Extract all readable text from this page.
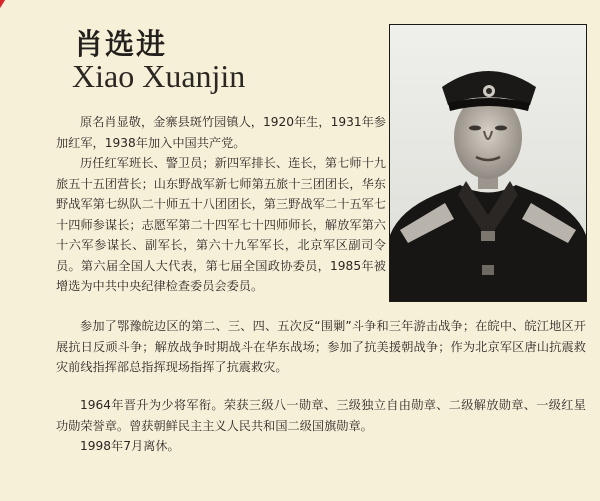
肖选进
Xiao Xuanjin
原名肖显敬，金寨县斑竹园镇人，1920年生，1931年参加红军，1938年加入中国共产党。
历任红军班长、警卫员；新四军排长、连长，第七师十九旅五十五团营长；山东野战军新七师第五旅十三团团长，华东野战军第七纵队二十师五十八团团长，第三野战军二十五军七十四师参谋长；志愿军第二十四军七十四师师长，解放军第六十六军参谋长、副军长，第六十九军军长，北京军区副司令员。第六届全国人大代表，第七届全国政协委员，1985年被增选为中共中央纪律检查委员会委员。
参加了鄂豫皖边区的第二、三、四、五次反“围剿”斗争和三年游击战争；在皖中、皖江地区开展抗日反顽斗争；解放战争时期战斗在华东战场；参加了抗美援朝战争；作为北京军区唐山抗震救灾前线指挥部总指挥现场指挥了抗震救灾。
1964年晋升为少将军衔。荣获三级八一勋章、三级独立自由勋章、二级解放勋章、一级红星功勋荣誉章。曾获朝鲜民主主义人民共和国二级国旗勋章。
1998年7月离休。
